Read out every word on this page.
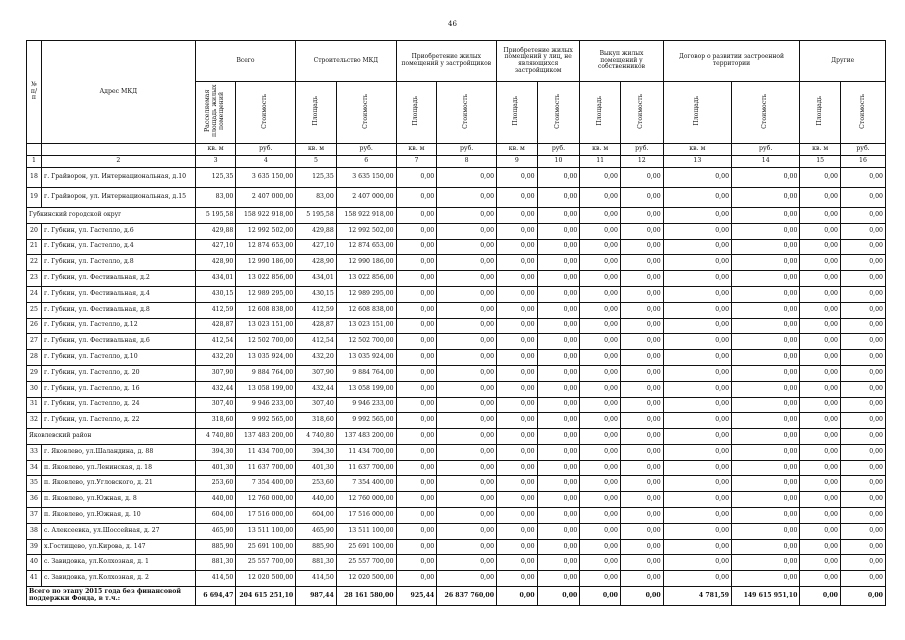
46
№ п/п	Адрес МКД	Всего		Строительство МКД		Приобретение жилых помещений у застройщиков		Приобретение жилых помещений у лиц, не являющихся застройщиком		Выкуп жилых помещений у собственников		Договор о развитии застроенной территории		Другие	
		Расселяемая площадь жилых помещений	Стоимость	Площадь	Стоимость	Площадь	Стоимость	Площадь	Стоимость	Площадь	Стоимость	Площадь	Стоимость	Площадь	Стоимость
		кв. м	руб.	кв. м	руб.	кв. м	руб.	кв. м	руб.	кв. м	руб.	кв. м	руб.	кв. м	руб.
1	2	3	4	5	6	7	8	9	10	11	12	13	14	15	16
18	г. Грайворон, ул. Интернациональная, д.10	125,35	3 635 150,00	125,35	3 635 150,00	0,00	0,00	0,00	0,00	0,00	0,00	0,00	0,00	0,00	0,00
19	г. Грайворон, ул. Интернациональная, д.15	83,00	2 407 000,00	83,00	2 407 000,00	0,00	0,00	0,00	0,00	0,00	0,00	0,00	0,00	0,00	0,00
Губкинский городской округ		5 195,58	158 922 918,00	5 195,58	158 922 918,00	0,00	0,00	0,00	0,00	0,00	0,00	0,00	0,00	0,00	0,00
20	г. Губкин, ул. Гастелло, д.6	429,88	12 992 502,00	429,88	12 992 502,00	0,00	0,00	0,00	0,00	0,00	0,00	0,00	0,00	0,00	0,00
21	г. Губкин, ул. Гастелло, д.4	427,10	12 874 653,00	427,10	12 874 653,00	0,00	0,00	0,00	0,00	0,00	0,00	0,00	0,00	0,00	0,00
22	г. Губкин, ул. Гастелло, д.8	428,90	12 990 186,00	428,90	12 990 186,00	0,00	0,00	0,00	0,00	0,00	0,00	0,00	0,00	0,00	0,00
23	г. Губкин, ул. Фестивальная, д.2	434,01	13 022 856,00	434,01	13 022 856,00	0,00	0,00	0,00	0,00	0,00	0,00	0,00	0,00	0,00	0,00
24	г. Губкин, ул. Фестивальная, д.4	430,15	12 989 295,00	430,15	12 989 295,00	0,00	0,00	0,00	0,00	0,00	0,00	0,00	0,00	0,00	0,00
25	г. Губкин, ул. Фестивальная, д.8	412,59	12 608 838,00	412,59	12 608 838,00	0,00	0,00	0,00	0,00	0,00	0,00	0,00	0,00	0,00	0,00
26	г. Губкин, ул. Гастелло, д.12	428,87	13 023 151,00	428,87	13 023 151,00	0,00	0,00	0,00	0,00	0,00	0,00	0,00	0,00	0,00	0,00
27	г. Губкин, ул. Фестивальная, д.6	412,54	12 502 700,00	412,54	12 502 700,00	0,00	0,00	0,00	0,00	0,00	0,00	0,00	0,00	0,00	0,00
28	г. Губкин, ул. Гастелло, д.10	432,20	13 035 924,00	432,20	13 035 924,00	0,00	0,00	0,00	0,00	0,00	0,00	0,00	0,00	0,00	0,00
29	г. Губкин, ул. Гастелло, д. 20	307,90	9 884 764,00	307,90	9 884 764,00	0,00	0,00	0,00	0,00	0,00	0,00	0,00	0,00	0,00	0,00
30	г. Губкин, ул. Гастелло, д. 16	432,44	13 058 199,00	432,44	13 058 199,00	0,00	0,00	0,00	0,00	0,00	0,00	0,00	0,00	0,00	0,00
31	г. Губкин, ул. Гастелло, д. 24	307,40	9 946 233,00	307,40	9 946 233,00	0,00	0,00	0,00	0,00	0,00	0,00	0,00	0,00	0,00	0,00
32	г. Губкин, ул. Гастелло, д. 22	318,60	9 992 565,00	318,60	9 992 565,00	0,00	0,00	0,00	0,00	0,00	0,00	0,00	0,00	0,00	0,00
Яковлевский район		4 740,80	137 483 200,00	4 740,80	137 483 200,00	0,00	0,00	0,00	0,00	0,00	0,00	0,00	0,00	0,00	0,00
33	г. Яковлево, ул.Шаландина, д. 88	394,30	11 434 700,00	394,30	11 434 700,00	0,00	0,00	0,00	0,00	0,00	0,00	0,00	0,00	0,00	0,00
34	п. Яковлево, ул.Ленинская, д. 18	401,30	11 637 700,00	401,30	11 637 700,00	0,00	0,00	0,00	0,00	0,00	0,00	0,00	0,00	0,00	0,00
35	п. Яковлево, ул.Угловского, д. 21	253,60	7 354 400,00	253,60	7 354 400,00	0,00	0,00	0,00	0,00	0,00	0,00	0,00	0,00	0,00	0,00
36	п. Яковлево, ул.Южная, д. 8	440,00	12 760 000,00	440,00	12 760 000,00	0,00	0,00	0,00	0,00	0,00	0,00	0,00	0,00	0,00	0,00
37	п. Яковлево, ул.Южная, д. 10	604,00	17 516 000,00	604,00	17 516 000,00	0,00	0,00	0,00	0,00	0,00	0,00	0,00	0,00	0,00	0,00
38	с. Алексеевка, ул.Шоссейная, д. 27	465,90	13 511 100,00	465,90	13 511 100,00	0,00	0,00	0,00	0,00	0,00	0,00	0,00	0,00	0,00	0,00
39	х.Гостищево, ул.Кирова, д. 147	885,90	25 691 100,00	885,90	25 691 100,00	0,00	0,00	0,00	0,00	0,00	0,00	0,00	0,00	0,00	0,00
40	с. Завидовка, ул.Колхозная, д. 1	881,30	25 557 700,00	881,30	25 557 700,00	0,00	0,00	0,00	0,00	0,00	0,00	0,00	0,00	0,00	0,00
41	с. Завидовка, ул.Колхозная, д. 2	414,50	12 020 500,00	414,50	12 020 500,00	0,00	0,00	0,00	0,00	0,00	0,00	0,00	0,00	0,00	0,00
Всего по этапу 2015 года без финансовой поддержки Фонда, в т.ч.:		6 694,47	204 615 251,10	987,44	28 161 580,00	925,44	26 837 760,00	0,00	0,00	0,00	0,00	4 781,59	149 615 951,10	0,00	0,00
